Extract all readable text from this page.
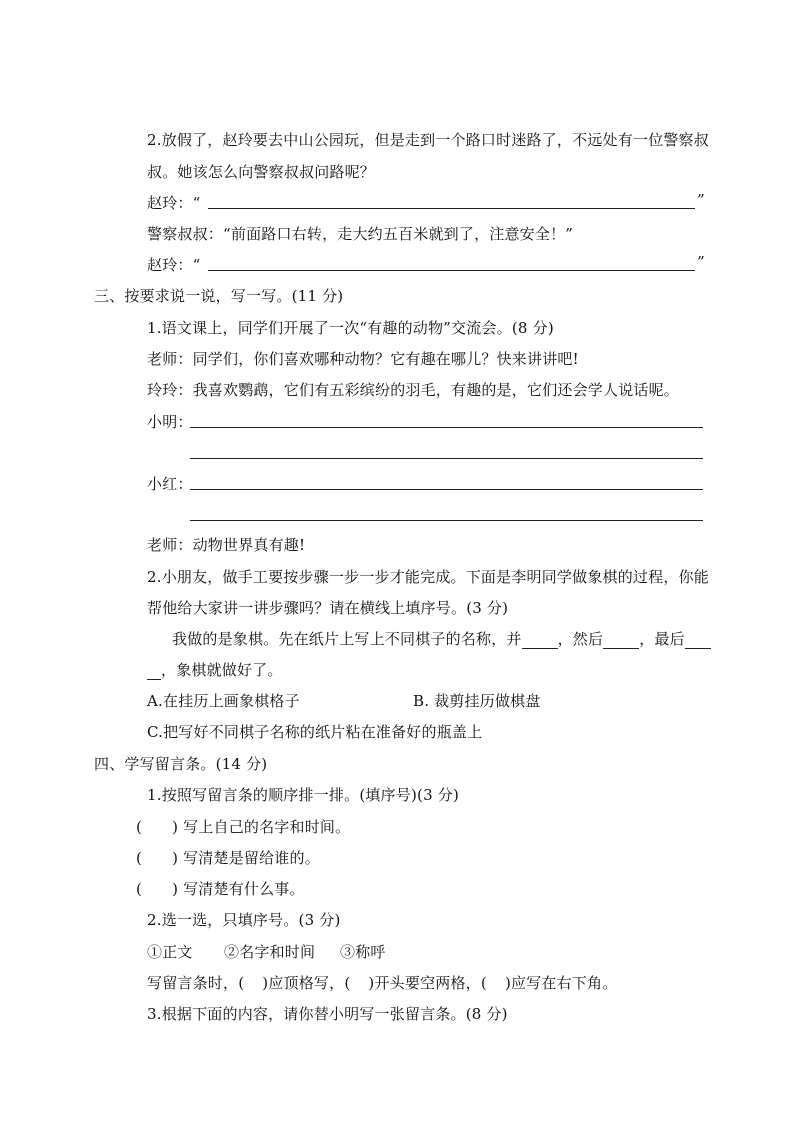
2.放假了，赵玲要去中山公园玩，但是走到一个路口时迷路了，不远处有一位警察叔
叔。她该怎么向警察叔叔问路呢？
赵玲：“	”
警察叔叔：“前面路口右转，走大约五百米就到了，注意安全！”
赵玲：“	”
三、按要求说一说，写一写。(11 分)
1.语文课上，同学们开展了一次“有趣的动物”交流会。(8 分)
老师：同学们，你们喜欢哪种动物？它有趣在哪儿？快来讲讲吧!
玲玲：我喜欢鹦鹉，它们有五彩缤纷的羽毛，有趣的是，它们还会学人说话呢。
小明：
小红：
老师：动物世界真有趣!
2.小朋友，做手工要按步骤一步一步才能完成。下面是李明同学做象棋的过程，你能
帮他给大家讲一讲步骤吗？请在横线上填序号。(3 分)
我做的是象棋。先在纸片上写上不同棋子的名称，并 ，然后 ，最后
，象棋就做好了。
A.在挂历上画象棋格子	B. 裁剪挂历做棋盘
C.把写好不同棋子名称的纸片粘在准备好的瓶盖上
四、学写留言条。(14 分)
1.按照写留言条的顺序排一排。(填序号)(3 分)
( ) 写上自己的名字和时间。
( ) 写清楚是留给谁的。
( ) 写清楚有什么事。
2.选一选，只填序号。(3 分)
①正文 ②名字和时间 ③称呼
写留言条时，( )应顶格写，( )开头要空两格，( )应写在右下角。
3.根据下面的内容，请你替小明写一张留言条。(8 分)
